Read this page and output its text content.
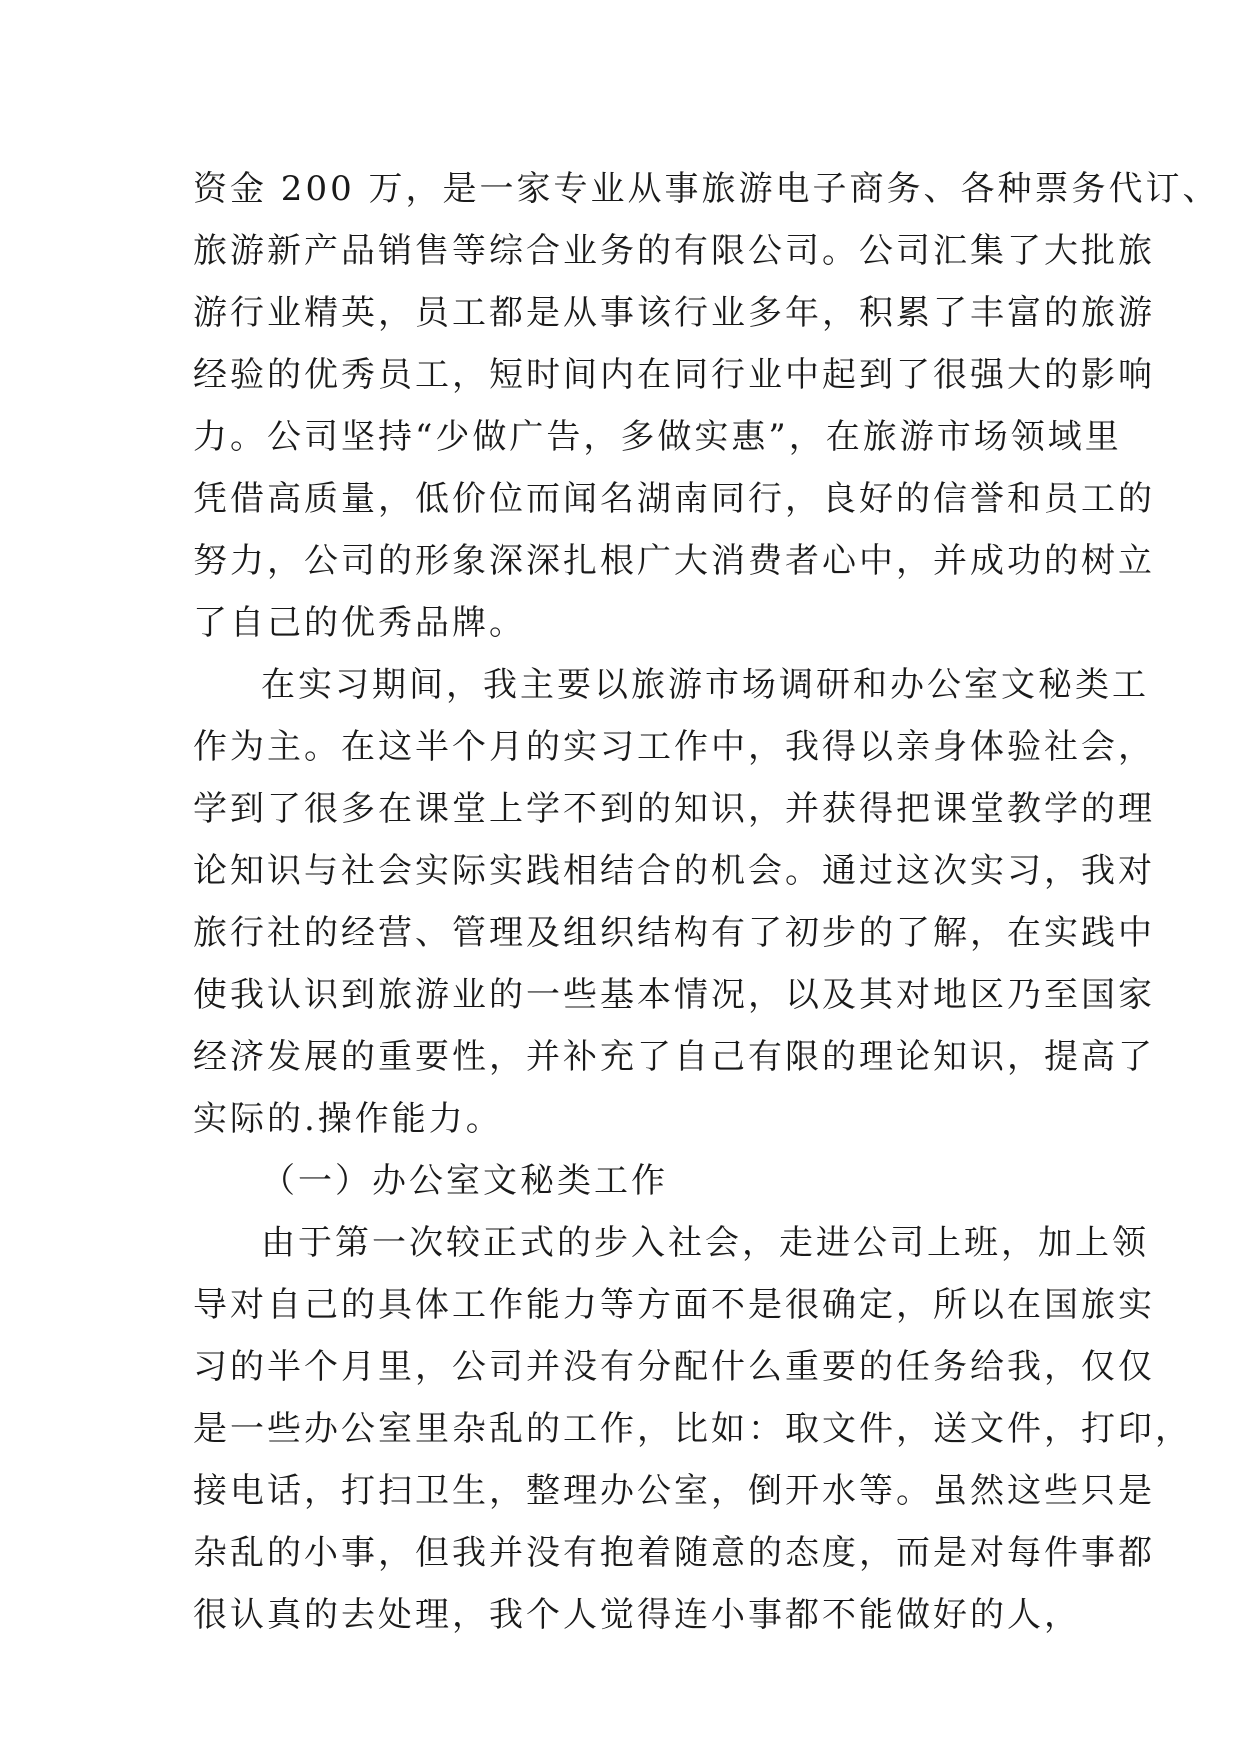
资金 200 万，是一家专业从事旅游电子商务、各种票务代订、
旅游新产品销售等综合业务的有限公司。公司汇集了大批旅
游行业精英，员工都是从事该行业多年，积累了丰富的旅游
经验的优秀员工，短时间内在同行业中起到了很强大的影响
力。公司坚持“少做广告，多做实惠”，在旅游市场领域里
凭借高质量，低价位而闻名湖南同行，良好的信誉和员工的
努力，公司的形象深深扎根广大消费者心中，并成功的树立
了自己的优秀品牌。
在实习期间，我主要以旅游市场调研和办公室文秘类工
作为主。在这半个月的实习工作中，我得以亲身体验社会，
学到了很多在课堂上学不到的知识，并获得把课堂教学的理
论知识与社会实际实践相结合的机会。通过这次实习，我对
旅行社的经营、管理及组织结构有了初步的了解，在实践中
使我认识到旅游业的一些基本情况，以及其对地区乃至国家
经济发展的重要性，并补充了自己有限的理论知识，提高了
实际的.操作能力。
（一）办公室文秘类工作
由于第一次较正式的步入社会，走进公司上班，加上领
导对自己的具体工作能力等方面不是很确定，所以在国旅实
习的半个月里，公司并没有分配什么重要的任务给我，仅仅
是一些办公室里杂乱的工作，比如：取文件，送文件，打印，
接电话，打扫卫生，整理办公室，倒开水等。虽然这些只是
杂乱的小事，但我并没有抱着随意的态度，而是对每件事都
很认真的去处理，我个人觉得连小事都不能做好的人，
